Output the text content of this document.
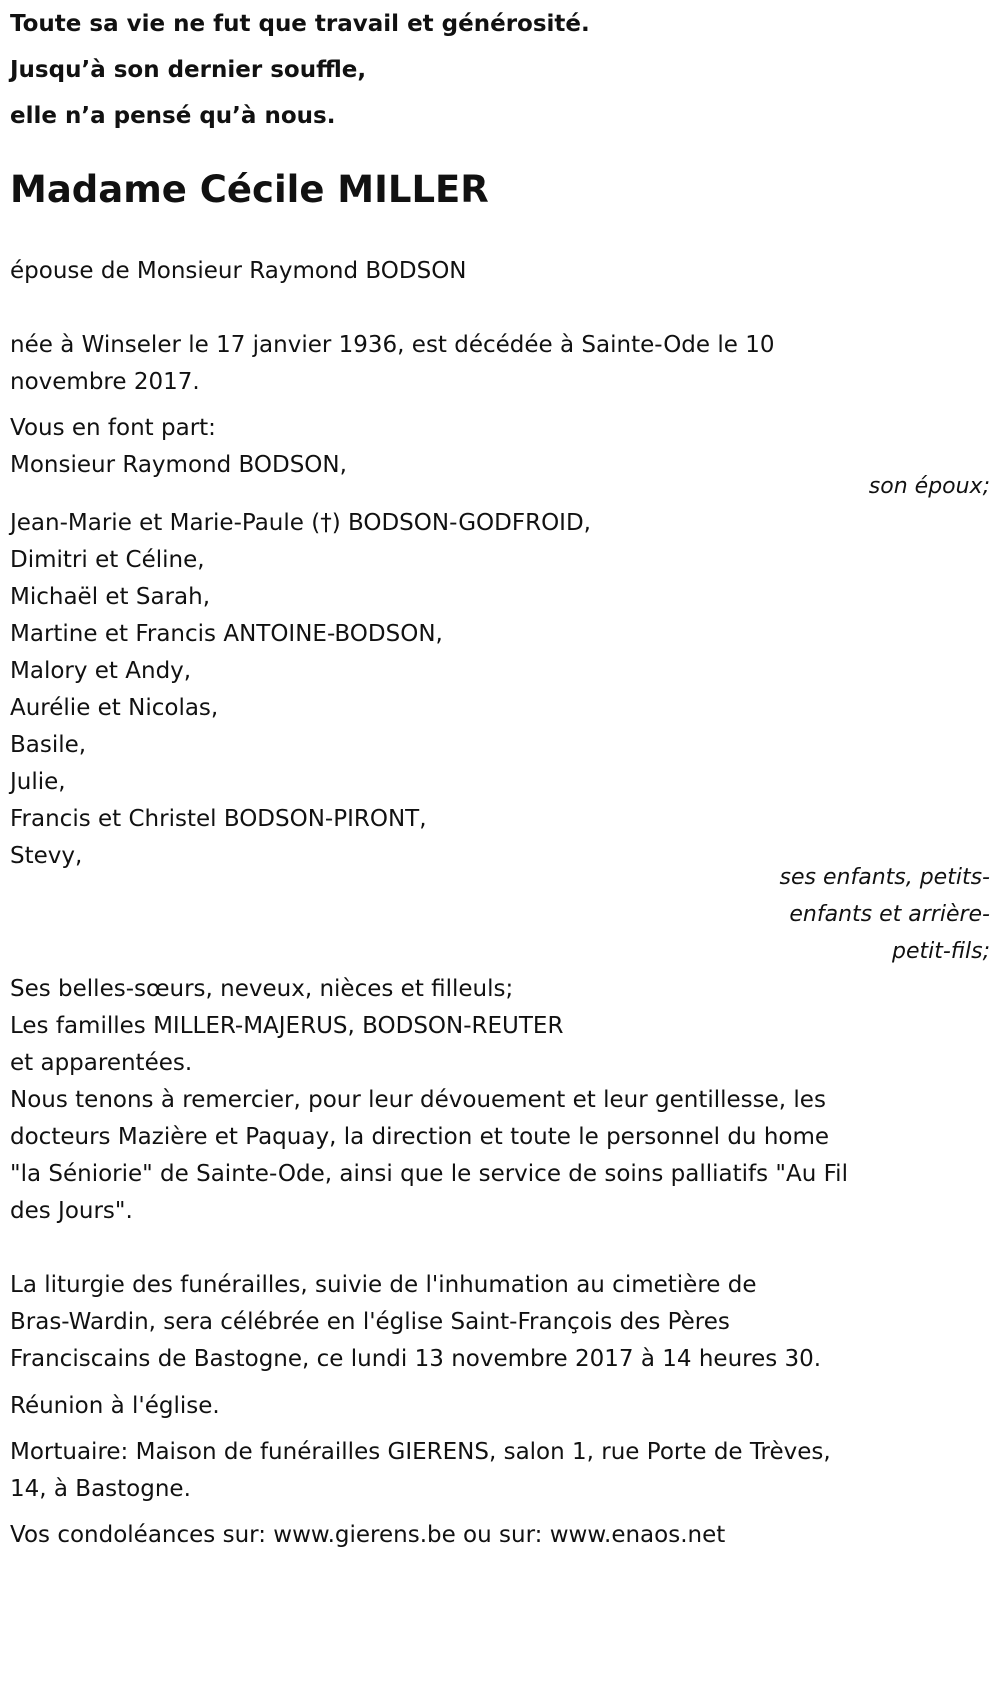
Toute sa vie ne fut que travail et générosité.
Jusqu’à son dernier souffle,
elle n’a pensé qu’à nous.
Madame Cécile MILLER
épouse de Monsieur Raymond BODSON
née à Winseler le 17 janvier 1936, est décédée à Sainte-Ode le 10
novembre 2017.
Vous en font part:
Monsieur Raymond BODSON,
Jean-Marie et Marie-Paule (†) BODSON-GODFROID,
Dimitri et Céline,
Michaël et Sarah,
Martine et Francis ANTOINE-BODSON,
Malory et Andy,
Aurélie et Nicolas,
Basile,
Julie,
Francis et Christel BODSON-PIRONT,
Stevy,
Ses belles-sœurs, neveux, nièces et filleuls;
Les familles MILLER-MAJERUS, BODSON-REUTER
et apparentées.
Nous tenons à remercier, pour leur dévouement et leur gentillesse, les
docteurs Mazière et Paquay, la direction et toute le personnel du home
"la Séniorie" de Sainte-Ode, ainsi que le service de soins palliatifs "Au Fil
des Jours".
La liturgie des funérailles, suivie de l'inhumation au cimetière de
Bras-Wardin, sera célébrée en l'église Saint-François des Pères
Franciscains de Bastogne, ce lundi 13 novembre 2017 à 14 heures 30.
Réunion à l'église.
Mortuaire: Maison de funérailles GIERENS, salon 1, rue Porte de Trèves,
14, à Bastogne.
Vos condoléances sur: www.gierens.be ou sur: www.enaos.net
son époux;
ses enfants, petits-
enfants et arrière-
petit-fils;
